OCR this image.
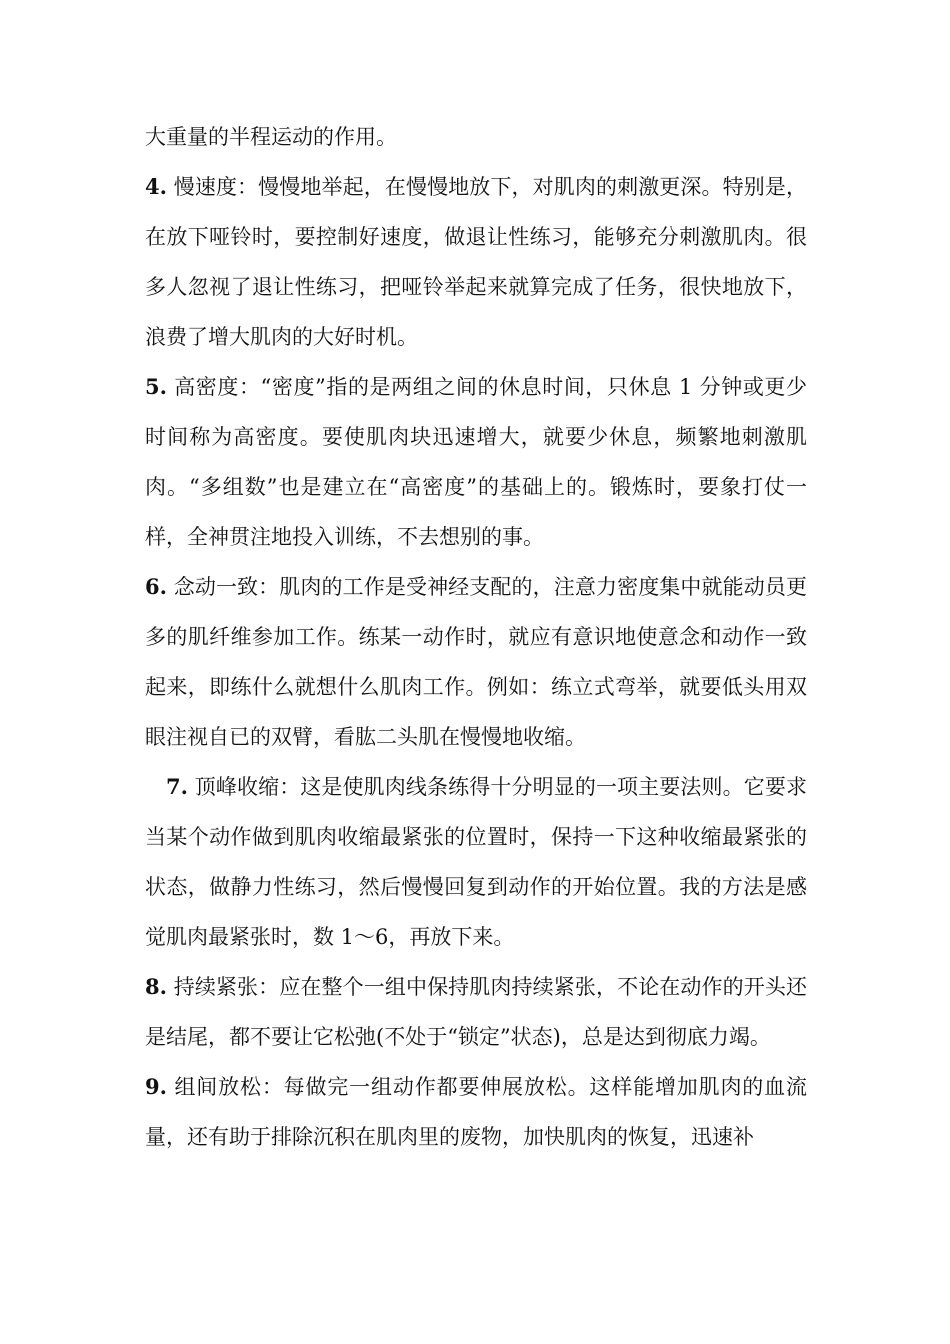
大重量的半程运动的作用。

4. 慢速度：慢慢地举起，在慢慢地放下，对肌肉的刺激更深。特别是，在放下哑铃时，要控制好速度，做退让性练习，能够充分刺激肌肉。很多人忽视了退让性练习，把哑铃举起来就算完成了任务，很快地放下，浪费了增大肌肉的大好时机。

5. 高密度：“密度”指的是两组之间的休息时间，只休息 1 分钟或更少时间称为高密度。要使肌肉块迅速增大，就要少休息，频繁地刺激肌肉。“多组数”也是建立在“高密度”的基础上的。锻炼时，要象打仗一样，全神贯注地投入训练，不去想别的事。

6. 念动一致：肌肉的工作是受神经支配的，注意力密度集中就能动员更多的肌纤维参加工作。练某一动作时，就应有意识地使意念和动作一致起来，即练什么就想什么肌肉工作。例如：练立式弯举，就要低头用双眼注视自已的双臂，看肱二头肌在慢慢地收缩。

7. 顶峰收缩：这是使肌肉线条练得十分明显的一项主要法则。它要求当某个动作做到肌肉收缩最紧张的位置时，保持一下这种收缩最紧张的状态，做静力性练习，然后慢慢回复到动作的开始位置。我的方法是感觉肌肉最紧张时，数 1～6，再放下来。

8. 持续紧张：应在整个一组中保持肌肉持续紧张，不论在动作的开头还是结尾，都不要让它松弛(不处于“锁定”状态)，总是达到彻底力竭。

9. 组间放松：每做完一组动作都要伸展放松。这样能增加肌肉的血流量，还有助于排除沉积在肌肉里的废物，加快肌肉的恢复，迅速补
